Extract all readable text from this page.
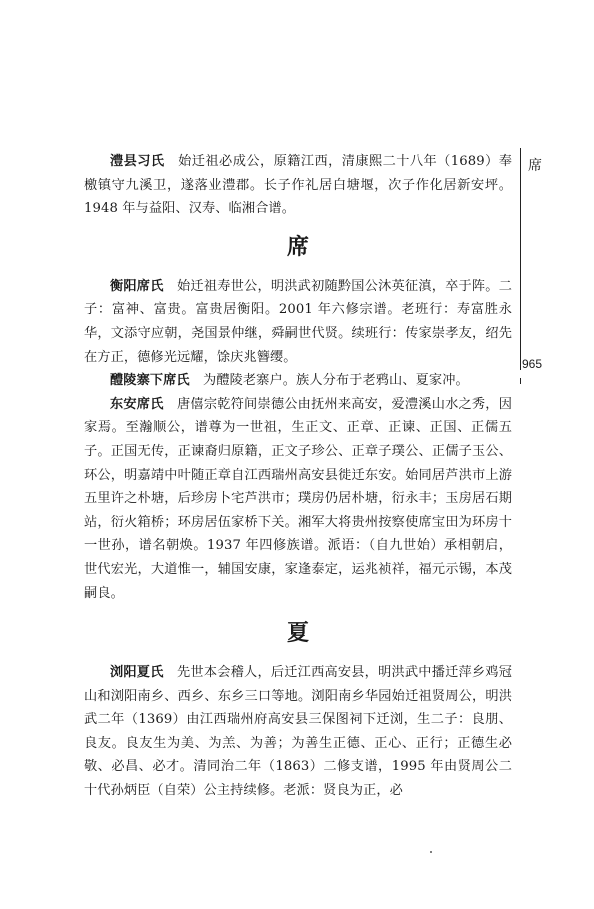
澧县习氏　 始迁祖必成公，原籍江西，清康熙二十八年（1689）奉檄镇守九溪卫，遂落业澧郡。长子作礼居白塘堰，次子作化居新安坪。1948 年与益阳、汉寿、临湘合谱。

席

衡阳席氏　 始迁祖寿世公，明洪武初随黔国公沐英征滇，卒于阵。二子：富神、富贵。富贵居衡阳。2001 年六修宗谱。老班行：寿富胜永华，文添守应朝，尧国景仲继，舜嗣世代贤。续班行：传家崇孝友，绍先在方正，德修光远耀，馀庆兆簪缨。

醴陵寨下席氏　 为醴陵老寨户。族人分布于老鸦山、夏家冲。

东安席氏　 唐僖宗乾符间崇德公由抚州来高安，爱澧溪山水之秀，因家焉。至瀚顺公，谱尊为一世祖，生正文、正章、正谏、正国、正儒五子。正国无传，正谏裔归原籍，正文子珍公、正章子璞公、正儒子玉公、环公，明嘉靖中叶随正章自江西瑞州高安县徙迁东安。始同居芦洪市上游五里许之朴塘，后珍房卜宅芦洪市；璞房仍居朴塘，衍永丰；玉房居石期站，衍火箱桥；环房居伍家桥下关。湘军大将贵州按察使席宝田为环房十一世孙，谱名朝焕。1937 年四修族谱。派语：（自九世始）承相朝启，世代宏光，大道惟一，辅国安康，家逢泰定，运兆祯祥，福元示锡，本茂嗣良。

夏

浏阳夏氏　 先世本会稽人，后迁江西高安县，明洪武中播迁萍乡鸡冠山和浏阳南乡、西乡、东乡三口等地。浏阳南乡华园始迁祖贤周公，明洪武二年（1369）由江西瑞州府高安县三保图祠下迁浏，生二子：良朋、良友。良友生为美、为羔、为善；为善生正德、正心、正行；正德生必敬、必昌、必才。清同治二年（1863）二修支谱，1995 年由贤周公二十代孙炳臣（自荣）公主持续修。老派：贤良为正，必

席
965
